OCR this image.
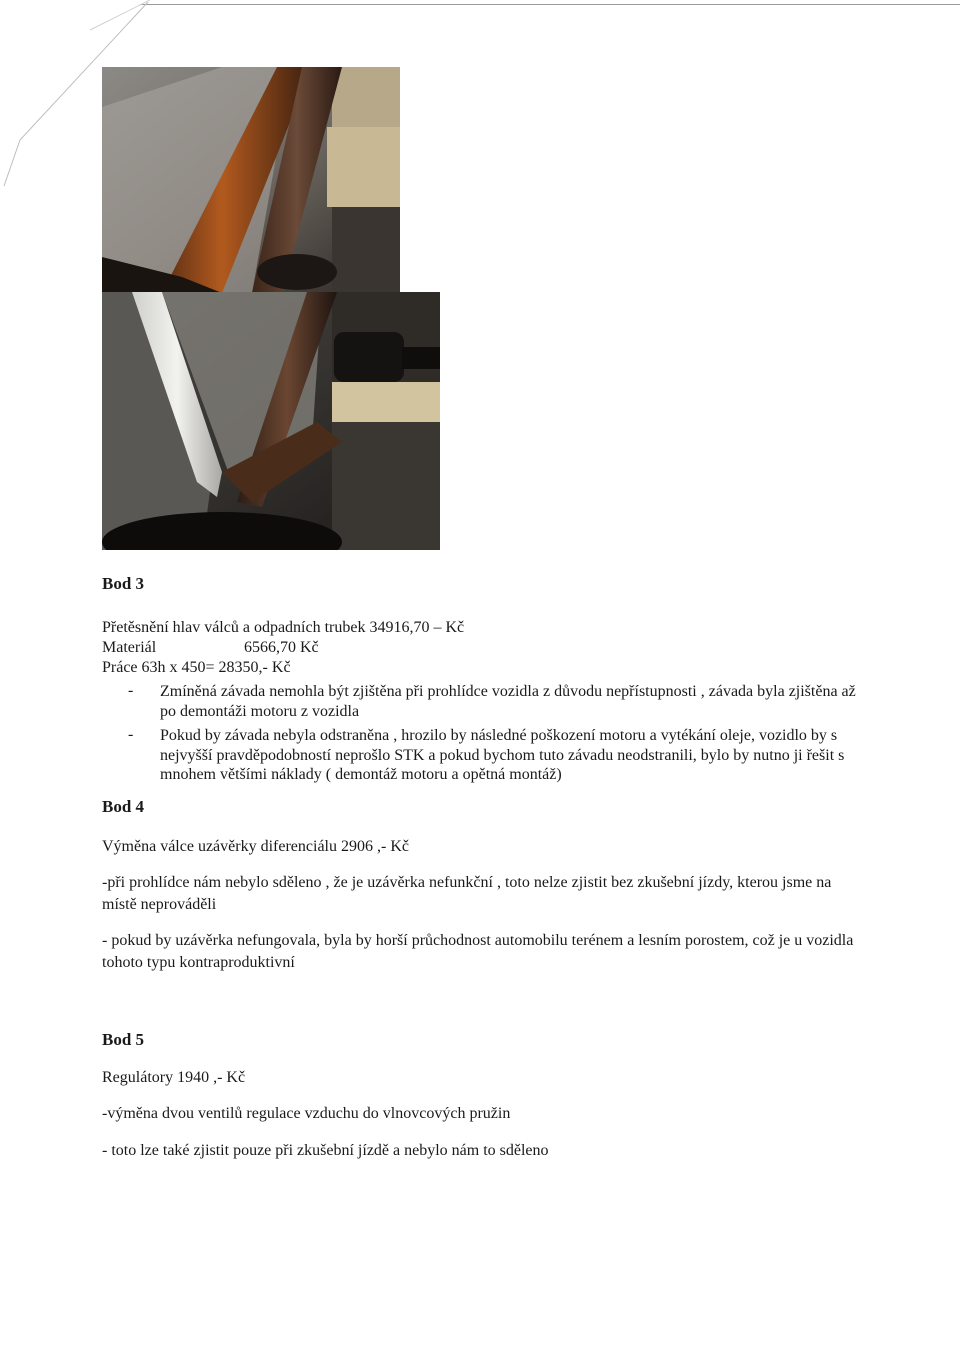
Bod 3
Přetěsnění hlav válců a odpadních trubek 34916,70 – Kč
Materiál	6566,70 Kč
Práce 63h x 450= 28350,- Kč
- Zmíněná závada nemohla být zjištěna při prohlídce vozidla z důvodu nepřístupnosti , závada byla zjištěna až po demontáži motoru z vozidla
- Pokud by závada nebyla odstraněna , hrozilo by následné poškození motoru a vytékání oleje, vozidlo by s nejvyšší pravděpodobností neprošlo STK a pokud bychom tuto závadu neodstranili, bylo by nutno ji řešit s mnohem většími náklady ( demontáž motoru a opětná montáž)
Bod 4
Výměna válce uzávěrky diferenciálu 2906 ,- Kč
-při prohlídce nám nebylo sděleno , že je uzávěrka nefunkční , toto nelze zjistit bez zkušební jízdy, kterou jsme na místě neprováděli
- pokud by uzávěrka nefungovala, byla by horší průchodnost automobilu terénem a lesním porostem, což je u vozidla tohoto typu kontraproduktivní
Bod 5
Regulátory 1940 ,- Kč
-výměna dvou ventilů regulace vzduchu do vlnovcových pružin
- toto lze také zjistit pouze při zkušební jízdě a nebylo nám to sděleno
